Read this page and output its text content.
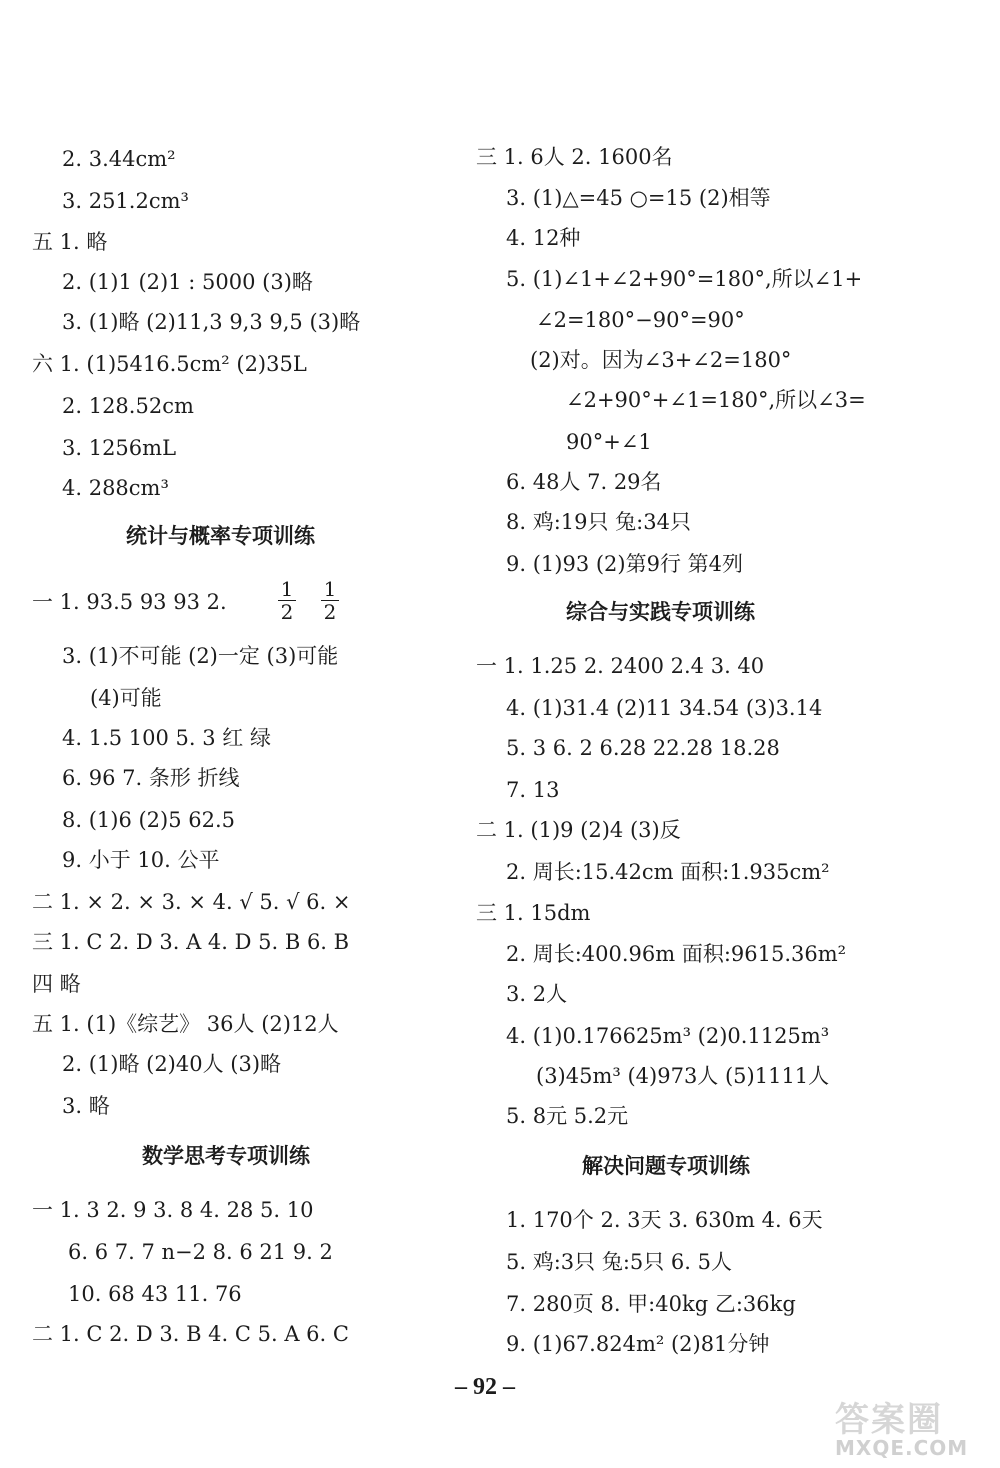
2. 3.44cm²
3. 251.2cm³
五 1. 略
2. (1)1 (2)1 : 5000 (3)略
3. (1)略 (2)11,3 9,3 9,5 (3)略
六 1. (1)5416.5cm² (2)35L
2. 128.52cm
3. 1256mL
4. 288cm³
统计与概率专项训练
一 1. 93.5 93 93 2.	$\frac{1}{2} \frac{1}{2}$
3. (1)不可能 (2)一定 (3)可能
(4)可能
4. 1.5 100 5. 3 红 绿
6. 96 7. 条形 折线
8. (1)6 (2)5 62.5
9. 小于 10. 公平
二 1. × 2. × 3. × 4. √ 5. √ 6. ×
三 1. C 2. D 3. A 4. D 5. B 6. B
四 略
五 1. (1)《综艺》 36人 (2)12人
2. (1)略 (2)40人 (3)略
3. 略
数学思考专项训练
一 1. 3 2. 9 3. 8 4. 28 5. 10
6. 6 7. 7 n−2 8. 6 21 9. 2
10. 68 43 11. 76
二 1. C 2. D 3. B 4. C 5. A 6. C
三 1. 6人 2. 1600名
3. (1)△=45 ○=15 (2)相等
4. 12种
5. (1)∠1+∠2+90°=180°,所以∠1+
∠2=180°−90°=90°
(2)对。因为∠3+∠2=180°
∠2+90°+∠1=180°,所以∠3=
90°+∠1
6. 48人 7. 29名
8. 鸡:19只 兔:34只
9. (1)93 (2)第9行 第4列
综合与实践专项训练
一 1. 1.25 2. 2400 2.4 3. 40
4. (1)31.4 (2)11 34.54 (3)3.14
5. 3 6. 2 6.28 22.28 18.28
7. 13
二 1. (1)9 (2)4 (3)反
2. 周长:15.42cm 面积:1.935cm²
三 1. 15dm
2. 周长:400.96m 面积:9615.36m²
3. 2人
4. (1)0.176625m³ (2)0.1125m³
(3)45m³ (4)973人 (5)1111人
5. 8元 5.2元
解决问题专项训练
1. 170个 2. 3天 3. 630m 4. 6天
5. 鸡:3只 兔:5只 6. 5人
7. 280页 8. 甲:40kg 乙:36kg
9. (1)67.824m² (2)81分钟
– 92 –
答案圈
MXQE.COM
